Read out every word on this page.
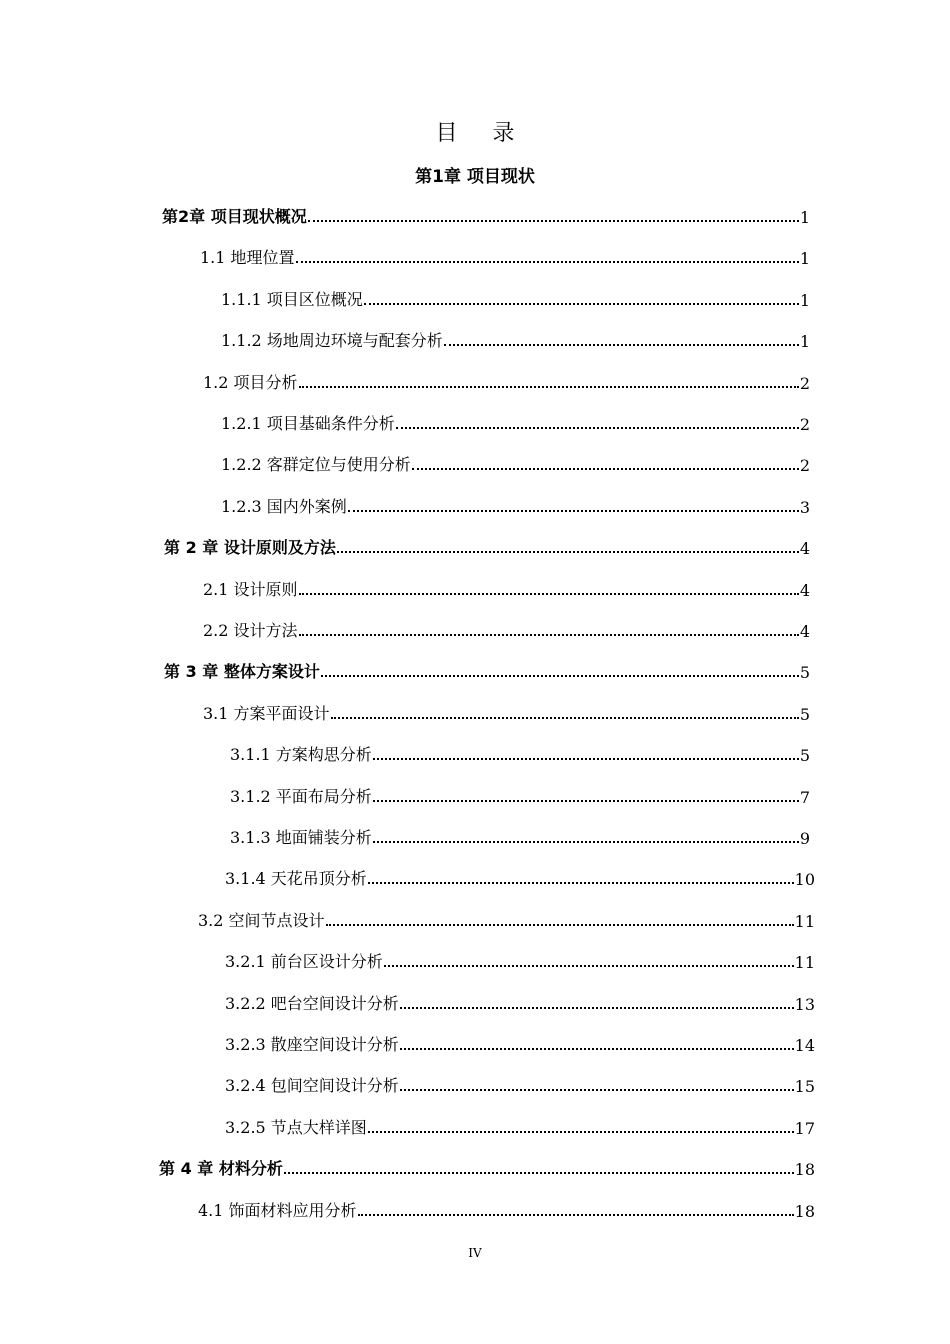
目 录
第1章 项目现状
第2章 项目现状概况	1
1.1 地理位置	1
1.1.1 项目区位概况	1
1.1.2 场地周边环境与配套分析	1
1.2 项目分析	2
1.2.1 项目基础条件分析	2
1.2.2 客群定位与使用分析	2
1.2.3 国内外案例	3
第 2 章 设计原则及方法	4
2.1 设计原则	4
2.2 设计方法	4
第 3 章 整体方案设计	5
3.1 方案平面设计	5
3.1.1 方案构思分析	5
3.1.2 平面布局分析	7
3.1.3 地面铺装分析	9
3.1.4 天花吊顶分析	10
3.2 空间节点设计	11
3.2.1 前台区设计分析	11
3.2.2 吧台空间设计分析	13
3.2.3 散座空间设计分析	14
3.2.4 包间空间设计分析	15
3.2.5 节点大样详图	17
第 4 章 材料分析	18
4.1 饰面材料应用分析	18
IV
